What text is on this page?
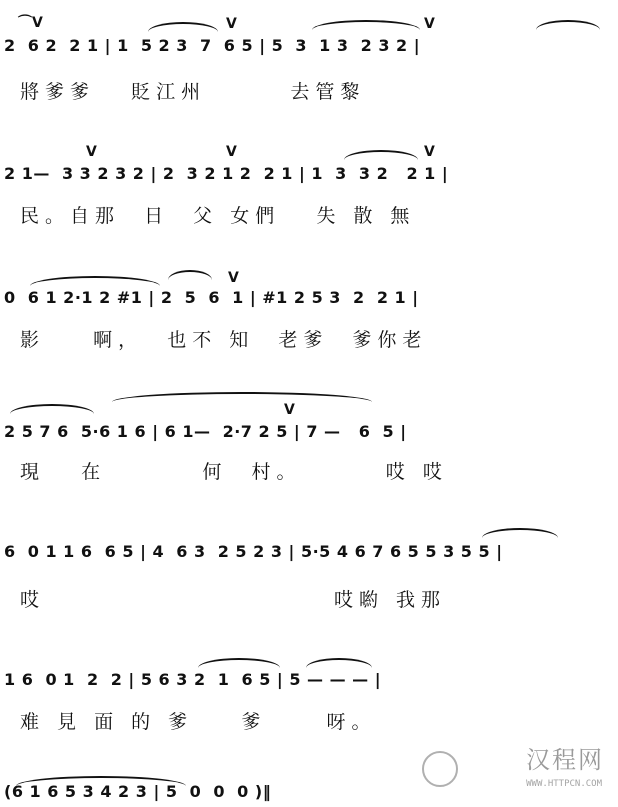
⌒V	V	V
2  6 2  2 1 | 1  5 2 3  7  6 5 | 5  3  1 3  2 3 2 |
將爹爹   貶江州       去管黎
V	V	V
2 1—  3 3 2 3 2 | 2  3 2 1 2  2 1 | 1  3  3 2   2 1 |
民。自那  日  父 女們   失 散 無
V
0  6 1 2·1 2 #1 | 2  5  6  1 | #1 2 5 3  2  2 1 |
影    啊，  也不 知  老爹  爹你老
V
2 5 7 6  5·6 1 6 | 6 1—  2·7 2 5 | 7 —   6  5 |
現   在        何  村。       哎 哎
6  0 1 1 6  6 5 | 4  6 3  2 5 2 3 | 5·5 4 6 7 6 5 5 3 5 5 |
哎                        哎喲 我那
1 6  0 1  2  2 | 5 6 3 2  1  6 5 | 5 — — — |
难 見 面 的 爹    爹     呀。
(6 1 6 5 3 4 2 3 | 5  0  0  0 )‖
汉程网
WWW.HTTPCN.COM
